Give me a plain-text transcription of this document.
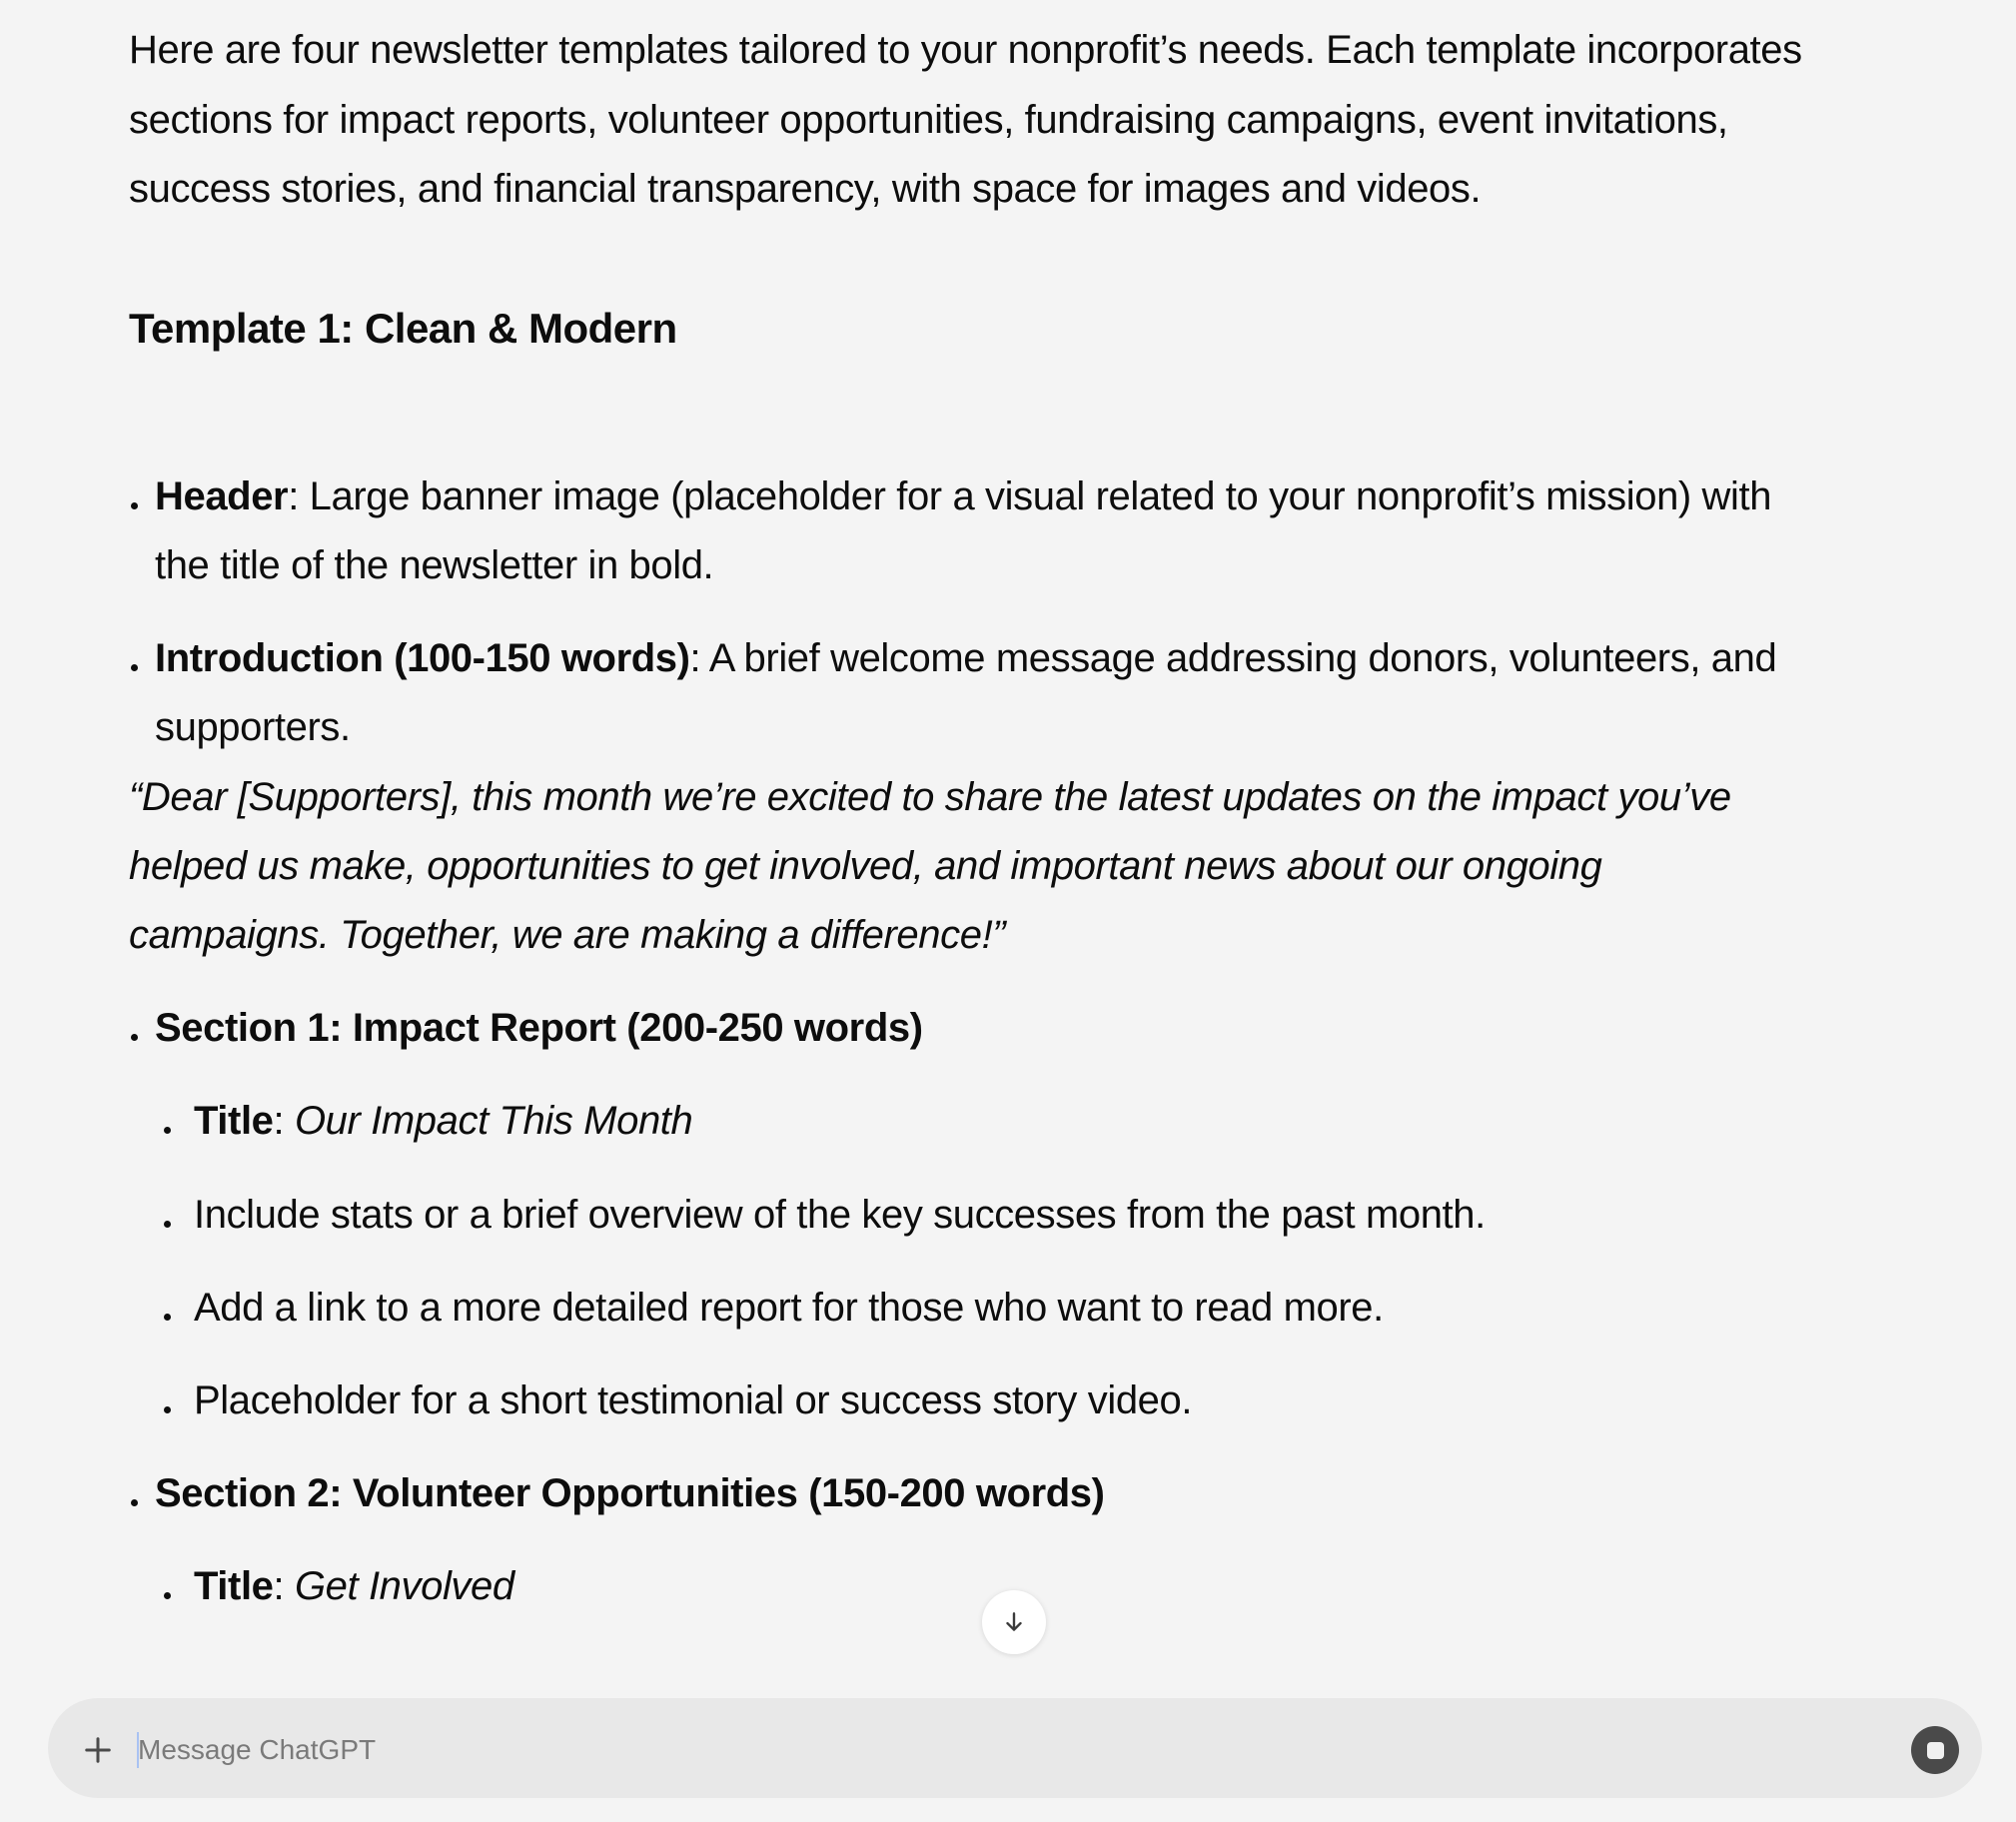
Here are four newsletter templates tailored to your nonprofit’s needs. Each template incorporates
sections for impact reports, volunteer opportunities, fundraising campaigns, event invitations,
success stories, and financial transparency, with space for images and videos.
Template 1: Clean & Modern
Header: Large banner image (placeholder for a visual related to your nonprofit’s mission) with
the title of the newsletter in bold.
Introduction (100-150 words): A brief welcome message addressing donors, volunteers, and
supporters.
“Dear [Supporters], this month we’re excited to share the latest updates on the impact you’ve
helped us make, opportunities to get involved, and important news about our ongoing
campaigns. Together, we are making a difference!”
Section 1: Impact Report (200-250 words)
Title: Our Impact This Month
Include stats or a brief overview of the key successes from the past month.
Add a link to a more detailed report for those who want to read more.
Placeholder for a short testimonial or success story video.
Section 2: Volunteer Opportunities (150-200 words)
Title: Get Involved
Message ChatGPT
